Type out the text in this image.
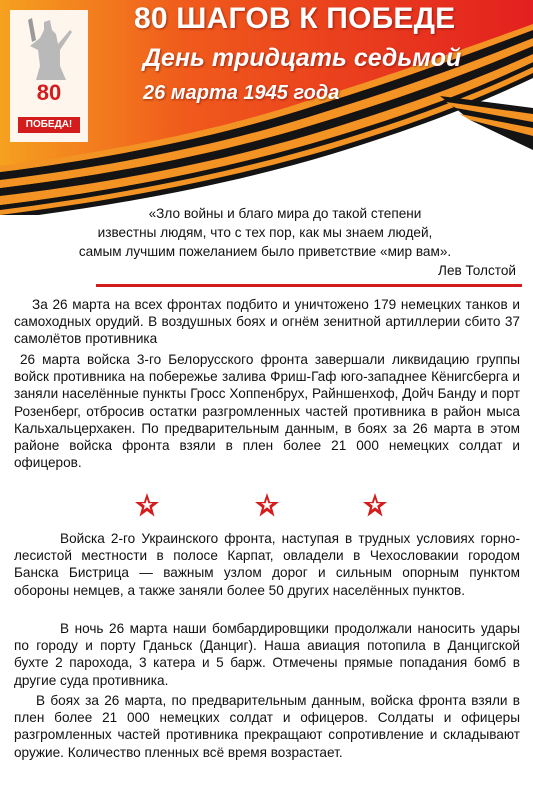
80
ПОБЕДА!
80 ШАГОВ К ПОБЕДЕ
День тридцать седьмой
26 марта 1945 года
«Зло войны и благо мира до такой степени
известны людям, что с тех пор, как мы знаем людей,
самым лучшим пожеланием было приветствие «мир вам».
Лев Толстой

За 26 марта на всех фронтах подбито и уничтожено 179 немецких танков и самоходных орудий. В воздушных боях и огнём зенитной артиллерии сбито 37 самолётов противника

26 марта войска 3-го Белорусского фронта завершали ликвидацию группы войск противника на побережье залива Фриш-Гаф юго-западнее Кёнигсберга и заняли населённые пункты Гросс Хоппенбрух, Райншенхоф, Дойч Банду и порт Розенберг, отбросив остатки разгромленных частей противника в район мыса Кальхальцерхакен. По предварительным данным, в боях за 26 марта в этом районе войска фронта взяли в плен более 21 000 немецких солдат и офицеров.

Войска 2-го Украинского фронта, наступая в трудных условиях горно-лесистой местности в полосе Карпат, овладели в Чехословакии городом Банска Бистрица — важным узлом дорог и сильным опорным пунктом обороны немцев, а также заняли более 50 других населённых пунктов.

В ночь 26 марта наши бомбардировщики продолжали наносить удары по городу и порту Гданьск (Данциг). Наша авиация потопила в Данцигской бухте 2 парохода, 3 катера и 5 барж. Отмечены прямые попадания бомб в другие суда противника.

В боях за 26 марта, по предварительным данным, войска фронта взяли в плен более 21 000 немецких солдат и офицеров. Солдаты и офицеры разгромленных частей противника прекращают сопротивление и складывают оружие. Количество пленных всё время возрастает.
